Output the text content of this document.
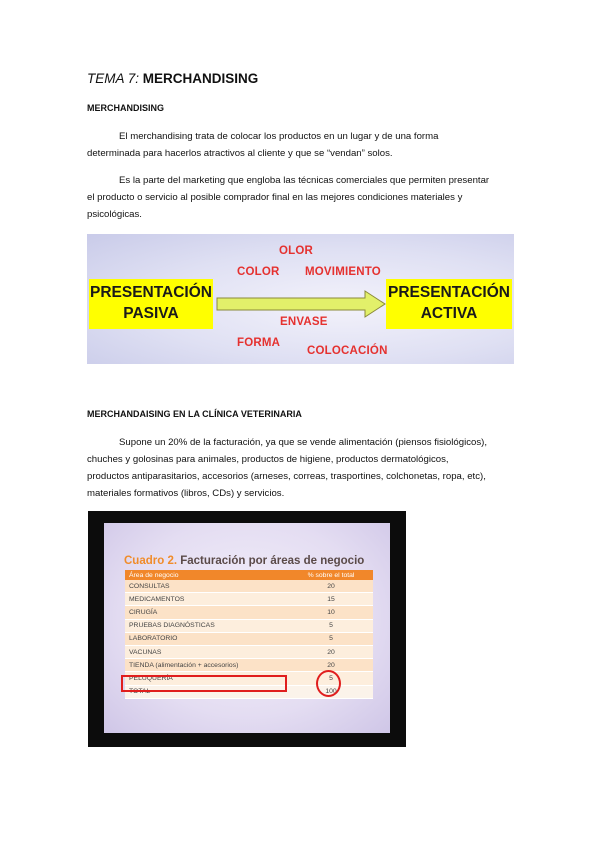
TEMA 7: MERCHANDISING
MERCHANDISING
El merchandising trata de colocar los productos en un lugar y de una forma
determinada para hacerlos atractivos al cliente y que se “vendan” solos.
Es la parte del marketing que engloba las técnicas comerciales que permiten presentar
el producto o servicio al posible comprador final en las mejores condiciones materiales y
psicológicas.
PRESENTACIÓN
PASIVA
PRESENTACIÓN
ACTIVA
OLOR
COLOR MOVIMIENTO
ENVASE
FORMA
COLOCACIÓN
MERCHANDAISING EN LA CLÍNICA VETERINARIA
Supone un 20% de la facturación, ya que se vende alimentación (piensos fisiológicos),
chuches y golosinas para animales, productos de higiene, productos dermatológicos,
productos antiparasitarios, accesorios (arneses, correas, trasportines, colchonetas, ropa, etc),
materiales formativos (libros, CDs) y servicios.
Cuadro 2. Facturación por áreas de negocio
Área de negocio	% sobre el total
CONSULTAS	20
MEDICAMENTOS	15
CIRUGÍA	10
PRUEBAS DIAGNÓSTICAS	5
LABORATORIO	5
VACUNAS	20
TIENDA (alimentación + accesorios)	20
PELUQUERÍA	5
TOTAL	100
